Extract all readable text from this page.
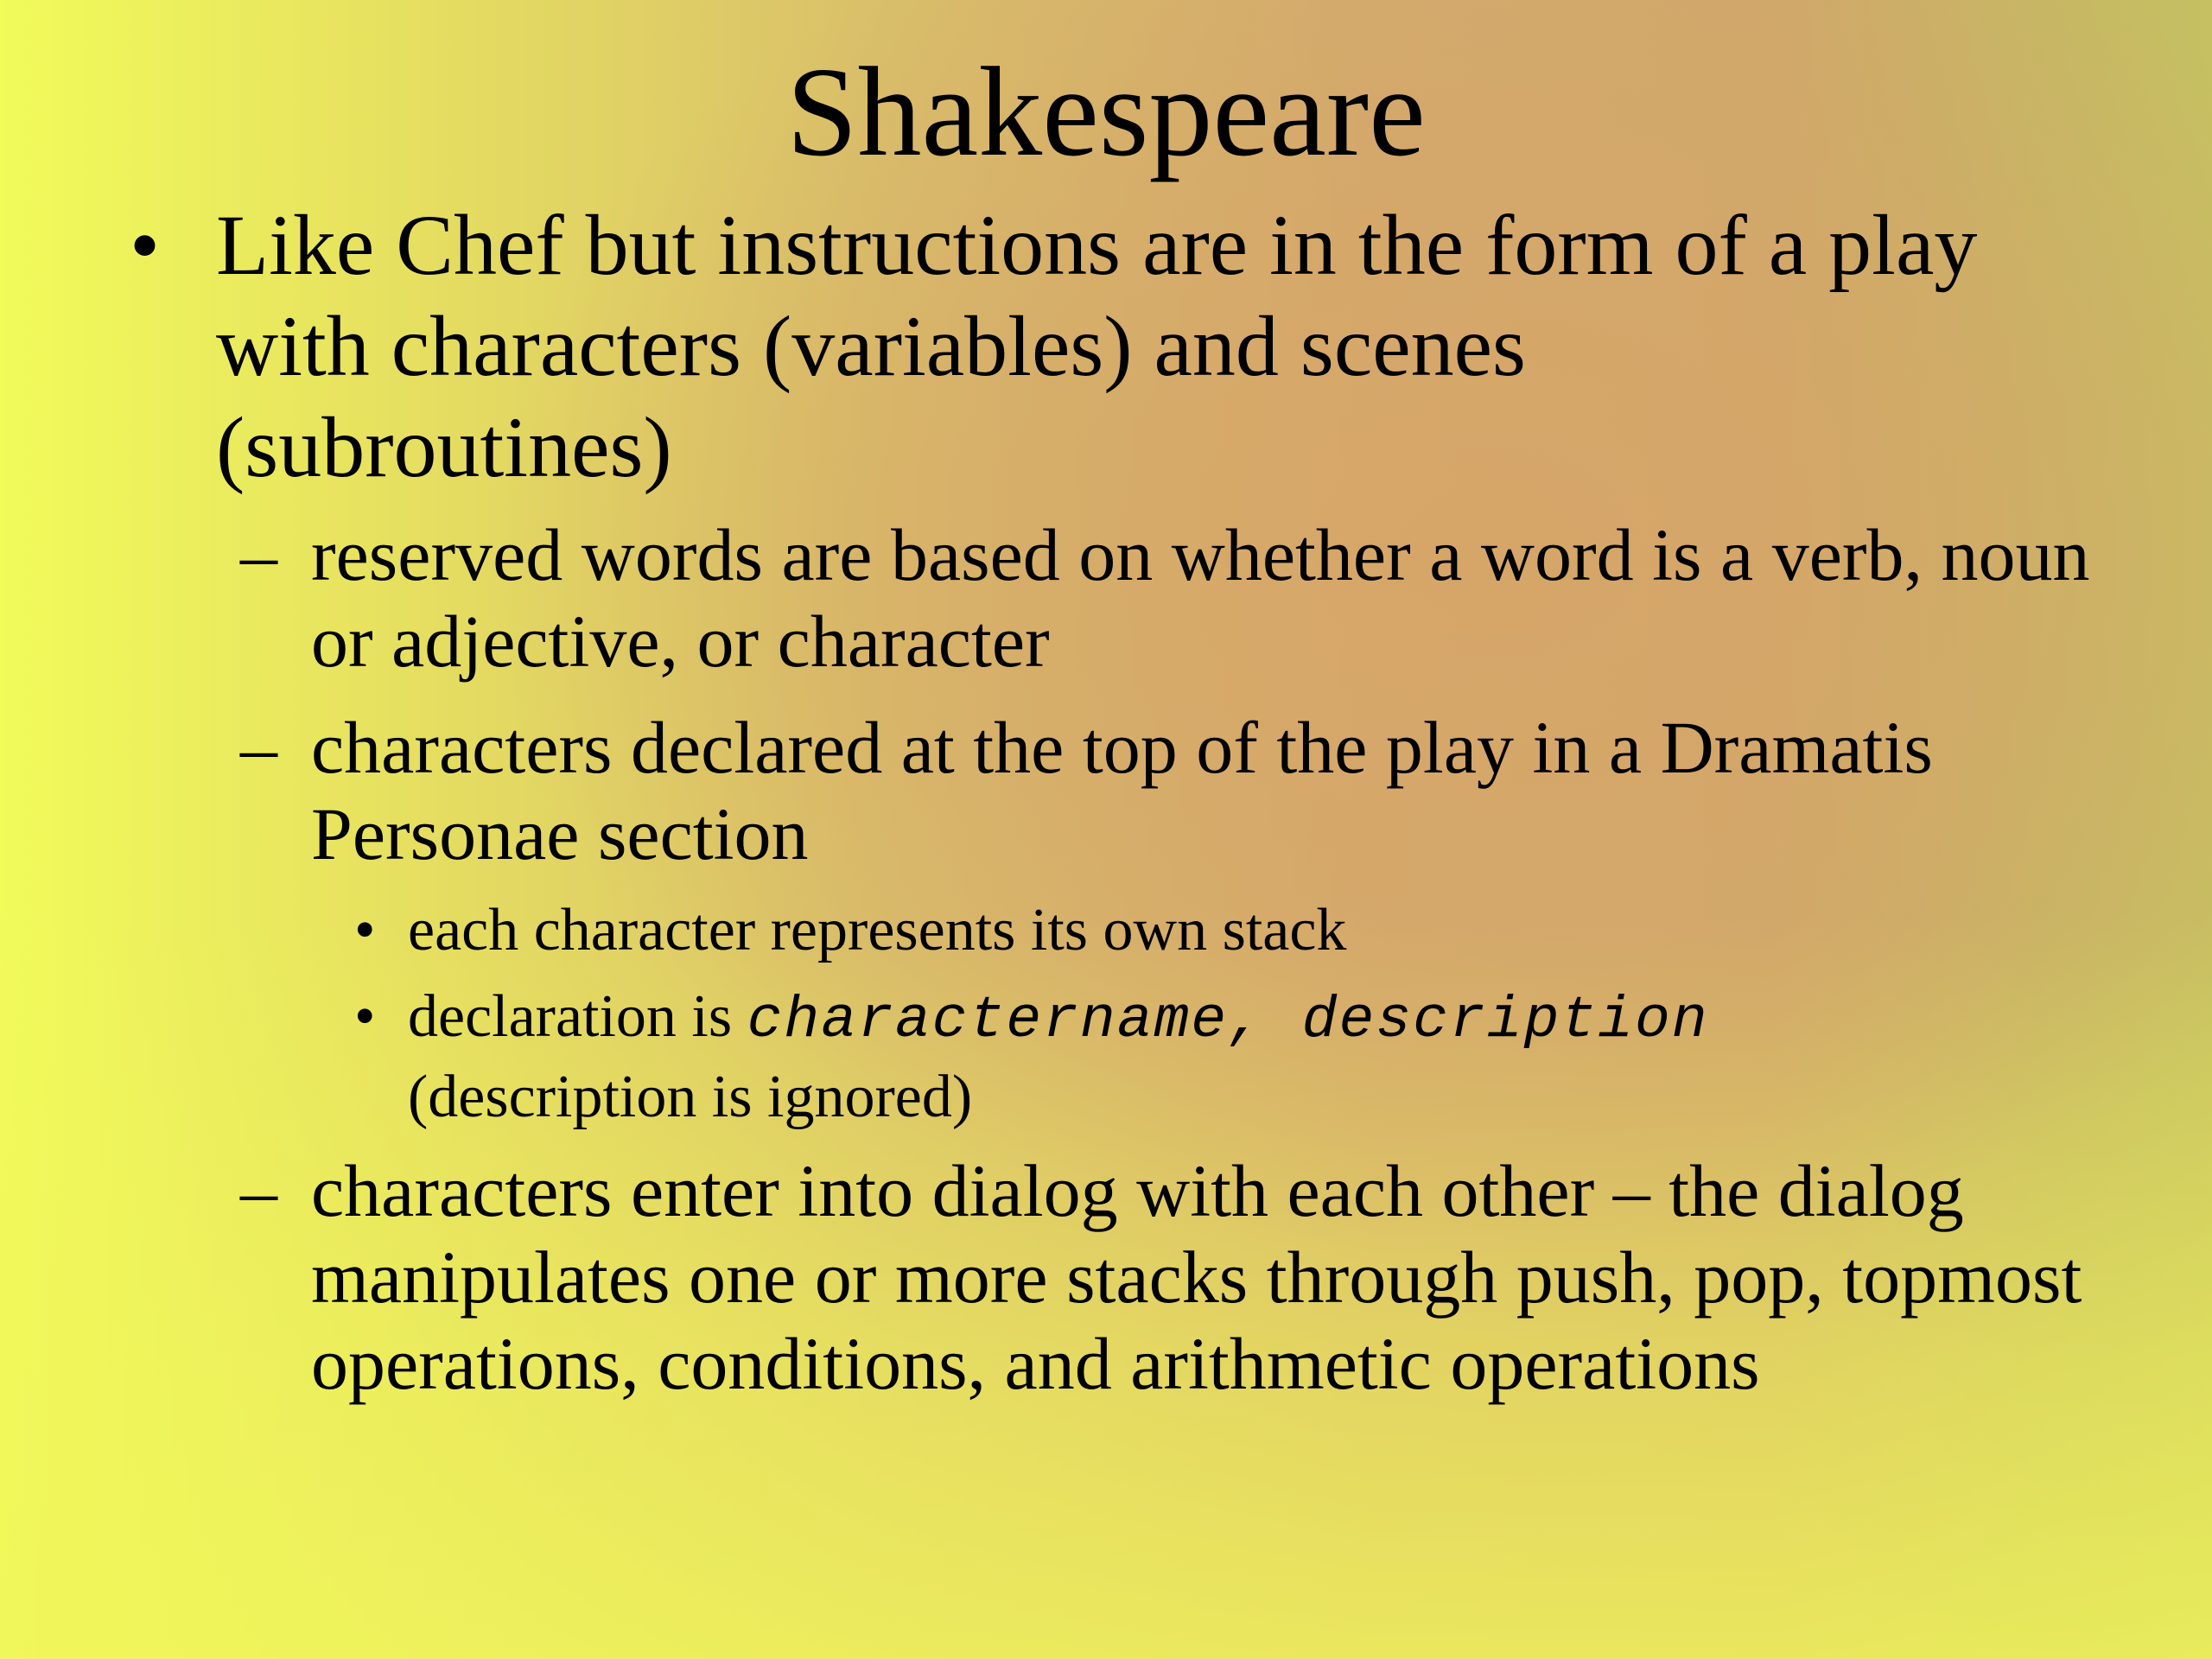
Shakespeare
• Like Chef but instructions are in the form of a play with characters (variables) and scenes (subroutines)
– reserved words are based on whether a word is a verb, noun or adjective, or character
– characters declared at the top of the play in a Dramatis Personae section
• each character represents its own stack
• declaration is charactername, description
(description is ignored)
– characters enter into dialog with each other – the dialog manipulates one or more stacks through push, pop, topmost operations, conditions, and arithmetic operations
